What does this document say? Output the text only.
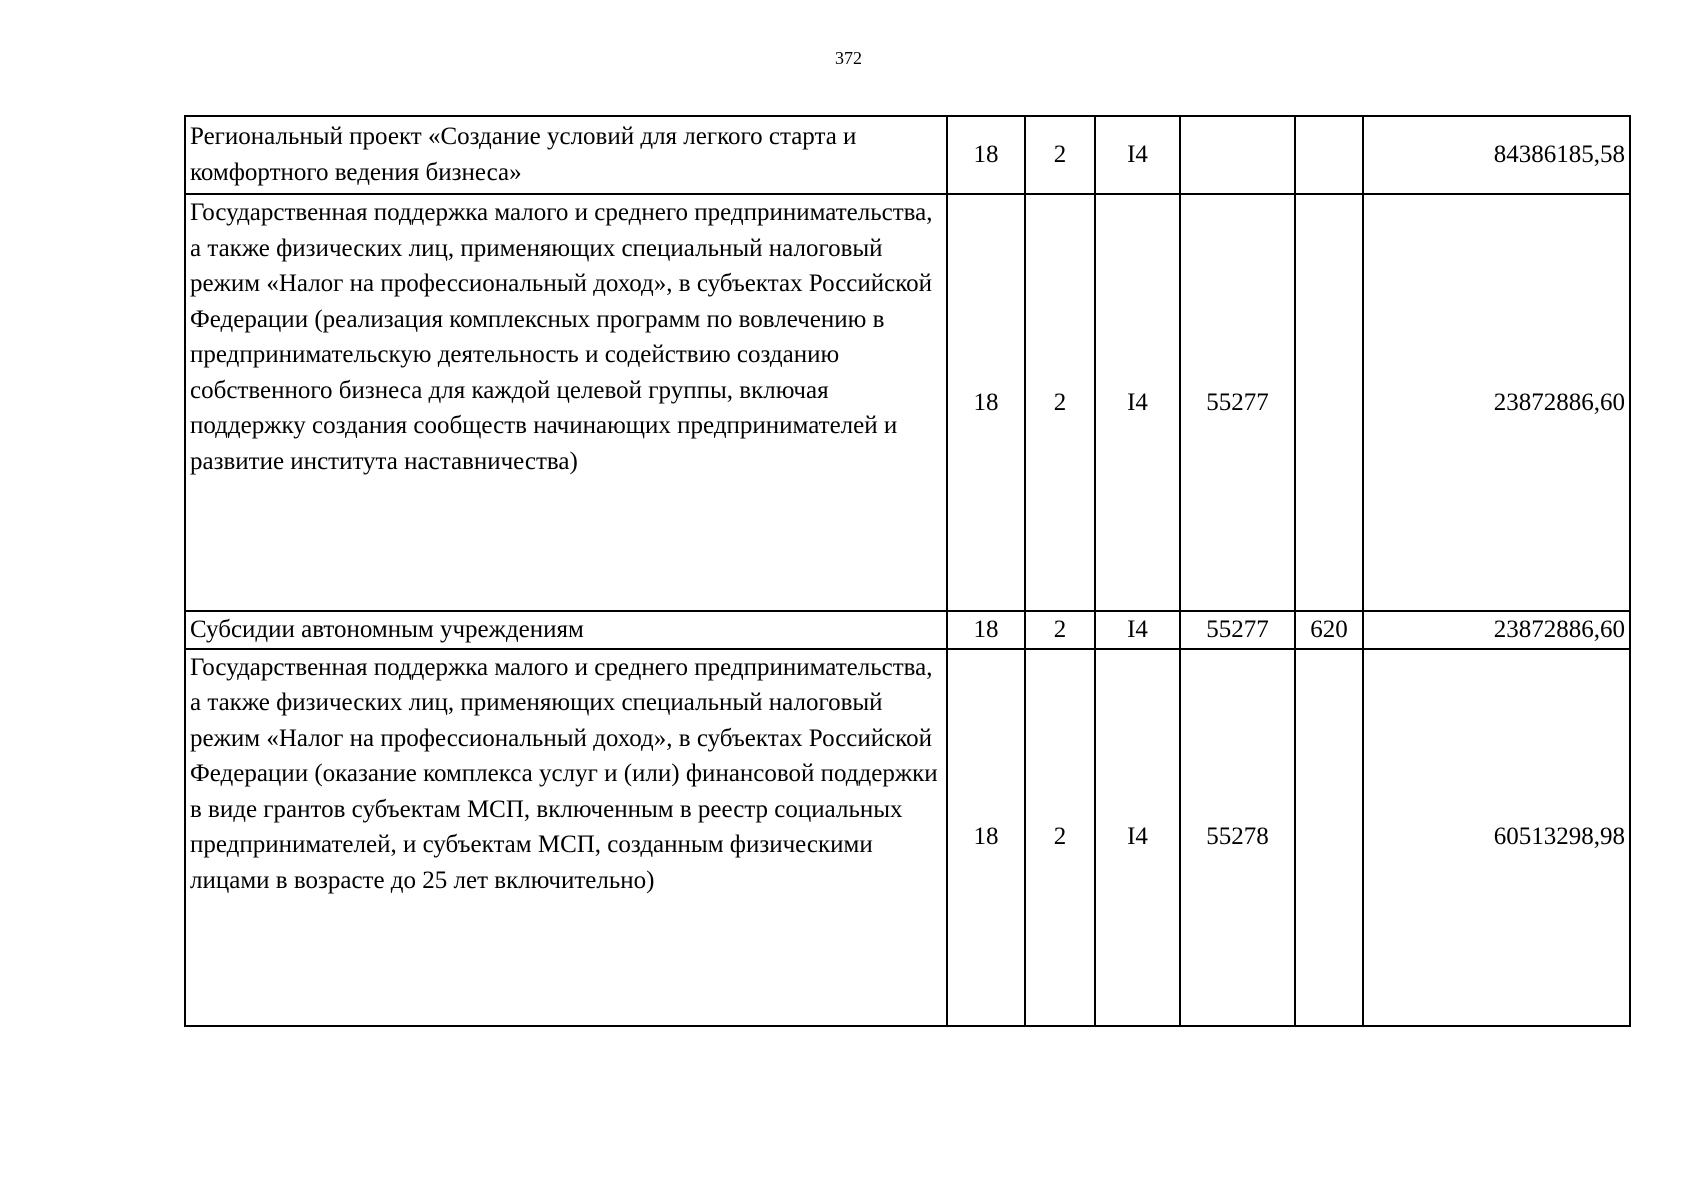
372
Региональный проект «Создание условий для легкого старта и комфортного ведения бизнеса»	18	2	I4			84386185,58
Государственная поддержка малого и среднего предпринимательства, а также физических лиц, применяющих специальный налоговый режим «Налог на профессиональный доход», в субъектах Российской Федерации (реализация комплексных программ по вовлечению в предпринимательскую деятельность и содействию созданию собственного бизнеса для каждой целевой группы, включая поддержку создания сообществ начинающих предпринимателей и развитие института наставничества)	18	2	I4	55277		23872886,60
Субсидии автономным учреждениям	18	2	I4	55277	620	23872886,60
Государственная поддержка малого и среднего предпринимательства, а также физических лиц, применяющих специальный налоговый режим «Налог на профессиональный доход», в субъектах Российской Федерации (оказание комплекса услуг и (или) финансовой поддержки в виде грантов субъектам МСП, включенным в реестр социальных предпринимателей, и субъектам МСП, созданным физическими лицами в возрасте до 25 лет включительно)	18	2	I4	55278		60513298,98
